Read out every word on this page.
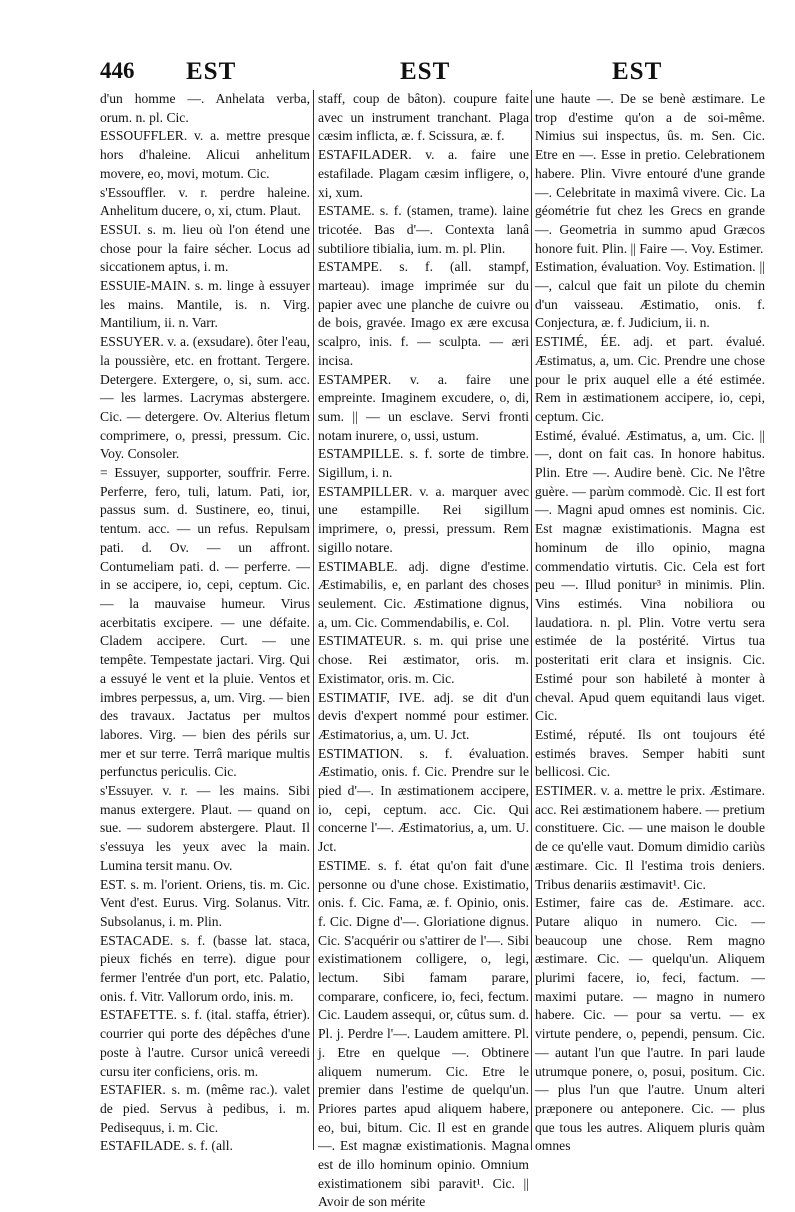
446 EST	EST	EST

d'un homme —. Anhelata verba, orum. n. pl. Cic.

ESSOUFFLER. v. a. mettre presque hors d'haleine. Alicui anhelitum movere, eo, movi, motum. Cic.

s'Essouffler. v. r. perdre haleine. Anhelitum ducere, o, xi, ctum. Plaut.

ESSUI. s. m. lieu où l'on étend une chose pour la faire sécher. Locus ad siccationem aptus, i. m.

ESSUIE-MAIN. s. m. linge à essuyer les mains. Mantile, is. n. Virg. Mantilium, ii. n. Varr.

ESSUYER. v. a. (exsudare). ôter l'eau, la poussière, etc. en frottant. Tergere. Detergere. Extergere, o, si, sum. acc. — les larmes. Lacrymas abstergere. Cic. — detergere. Ov. Alterius fletum comprimere, o, pressi, pressum. Cic. Voy. Consoler.

= Essuyer, supporter, souffrir. Ferre. Perferre, fero, tuli, latum. Pati, ior, passus sum. d. Sustinere, eo, tinui, tentum. acc. — un refus. Repulsam pati. d. Ov. — un affront. Contumeliam pati. d. — perferre. — in se accipere, io, cepi, ceptum. Cic. — la mauvaise humeur. Virus acerbitatis excipere. — une défaite. Cladem accipere. Curt. — une tempête. Tempestate jactari. Virg. Qui a essuyé le vent et la pluie. Ventos et imbres perpessus, a, um. Virg. — bien des travaux. Jactatus per multos labores. Virg. — bien des périls sur mer et sur terre. Terrâ marique multis perfunctus periculis. Cic.

s'Essuyer. v. r. — les mains. Sibi manus extergere. Plaut. — quand on sue. — sudorem abstergere. Plaut. Il s'essuya les yeux avec la main. Lumina tersit manu. Ov.

EST. s. m. l'orient. Oriens, tis. m. Cic. Vent d'est. Eurus. Virg. Solanus. Vitr. Subsolanus, i. m. Plin.

ESTACADE. s. f. (basse lat. staca, pieux fichés en terre). digue pour fermer l'entrée d'un port, etc. Palatio, onis. f. Vitr. Vallorum ordo, inis. m.

ESTAFETTE. s. f. (ital. staffa, étrier). courrier qui porte des dépêches d'une poste à l'autre. Cursor unicâ vereedi cursu iter conficiens, oris. m.

ESTAFIER. s. m. (même rac.). valet de pied. Servus à pedibus, i. m. Pedisequus, i. m. Cic.

ESTAFILADE. s. f. (all.

staff, coup de bâton). coupure faite avec un instrument tranchant. Plaga cæsim inflicta, æ. f. Scissura, æ. f.

ESTAFILADER. v. a. faire une estafilade. Plagam cæsim infligere, o, xi, xum.

ESTAME. s. f. (stamen, trame). laine tricotée. Bas d'—. Contexta lanâ subtiliore tibialia, ium. m. pl. Plin.

ESTAMPE. s. f. (all. stampf, marteau). image imprimée sur du papier avec une planche de cuivre ou de bois, gravée. Imago ex ære excusa scalpro, inis. f. — sculpta. — æri incisa.

ESTAMPER. v. a. faire une empreinte. Imaginem excudere, o, di, sum. || — un esclave. Servi fronti notam inurere, o, ussi, ustum.

ESTAMPILLE. s. f. sorte de timbre. Sigillum, i. n.

ESTAMPILLER. v. a. marquer avec une estampille. Rei sigillum imprimere, o, pressi, pressum. Rem sigillo notare.

ESTIMABLE. adj. digne d'estime. Æstimabilis, e, en parlant des choses seulement. Cic. Æstimatione dignus, a, um. Cic. Commendabilis, e. Col.

ESTIMATEUR. s. m. qui prise une chose. Rei æstimator, oris. m. Existimator, oris. m. Cic.

ESTIMATIF, IVE. adj. se dit d'un devis d'expert nommé pour estimer. Æstimatorius, a, um. U. Jct.

ESTIMATION. s. f. évaluation. Æstimatio, onis. f. Cic. Prendre sur le pied d'—. In æstimationem accipere, io, cepi, ceptum. acc. Cic. Qui concerne l'—. Æstimatorius, a, um. U. Jct.

ESTIME. s. f. état qu'on fait d'une personne ou d'une chose. Existimatio, onis. f. Cic. Fama, æ. f. Opinio, onis. f. Cic. Digne d'—. Gloriatione dignus. Cic. S'acquérir ou s'attirer de l'—. Sibi existimationem colligere, o, legi, lectum. Sibi famam parare, comparare, conficere, io, feci, fectum. Cic. Laudem assequi, or, cûtus sum. d. Pl. j. Perdre l'—. Laudem amittere. Pl. j. Etre en quelque —. Obtinere aliquem numerum. Cic. Etre le premier dans l'estime de quelqu'un. Priores partes apud aliquem habere, eo, bui, bitum. Cic. Il est en grande —. Est magnæ existimationis. Magna est de illo hominum opinio. Omnium existimationem sibi paravit¹. Cic. || Avoir de son mérite

une haute —. De se benè æstimare. Le trop d'estime qu'on a de soi-même. Nimius sui inspectus, ûs. m. Sen. Cic. Etre en —. Esse in pretio. Celebrationem habere. Plin. Vivre entouré d'une grande —. Celebritate in maximâ vivere. Cic. La géométrie fut chez les Grecs en grande —. Geometria in summo apud Græcos honore fuit. Plin. || Faire —. Voy. Estimer.

Estimation, évaluation. Voy. Estimation. || —, calcul que fait un pilote du chemin d'un vaisseau. Æstimatio, onis. f. Conjectura, æ. f. Judicium, ii. n.

ESTIMÉ, ÉE. adj. et part. évalué. Æstimatus, a, um. Cic. Prendre une chose pour le prix auquel elle a été estimée. Rem in æstimationem accipere, io, cepi, ceptum. Cic.

Estimé, évalué. Æstimatus, a, um. Cic. || —, dont on fait cas. In honore habitus. Plin. Etre —. Audire benè. Cic. Ne l'être guère. — parùm commodè. Cic. Il est fort —. Magni apud omnes est nominis. Cic. Est magnæ existimationis. Magna est hominum de illo opinio, magna commendatio virtutis. Cic. Cela est fort peu —. Illud ponitur³ in minimis. Plin. Vins estimés. Vina nobiliora ou laudatiora. n. pl. Plin. Votre vertu sera estimée de la postérité. Virtus tua posteritati erit clara et insignis. Cic. Estimé pour son habileté à monter à cheval. Apud quem equitandi laus viget. Cic.

Estimé, réputé. Ils ont toujours été estimés braves. Semper habiti sunt bellicosi. Cic.

ESTIMER. v. a. mettre le prix. Æstimare. acc. Rei æstimationem habere. — pretium constituere. Cic. — une maison le double de ce qu'elle vaut. Domum dimidio cariùs æstimare. Cic. Il l'estima trois deniers. Tribus denariis æstimavit¹. Cic.

Estimer, faire cas de. Æstimare. acc. Putare aliquo in numero. Cic. — beaucoup une chose. Rem magno æstimare. Cic. — quelqu'un. Aliquem plurimi facere, io, feci, factum. — maximi putare. — magno in numero habere. Cic. — pour sa vertu. — ex virtute pendere, o, pependi, pensum. Cic. — autant l'un que l'autre. In pari laude utrumque ponere, o, posui, positum. Cic. — plus l'un que l'autre. Unum alteri præponere ou anteponere. Cic. — plus que tous les autres. Aliquem pluris quàm omnes
